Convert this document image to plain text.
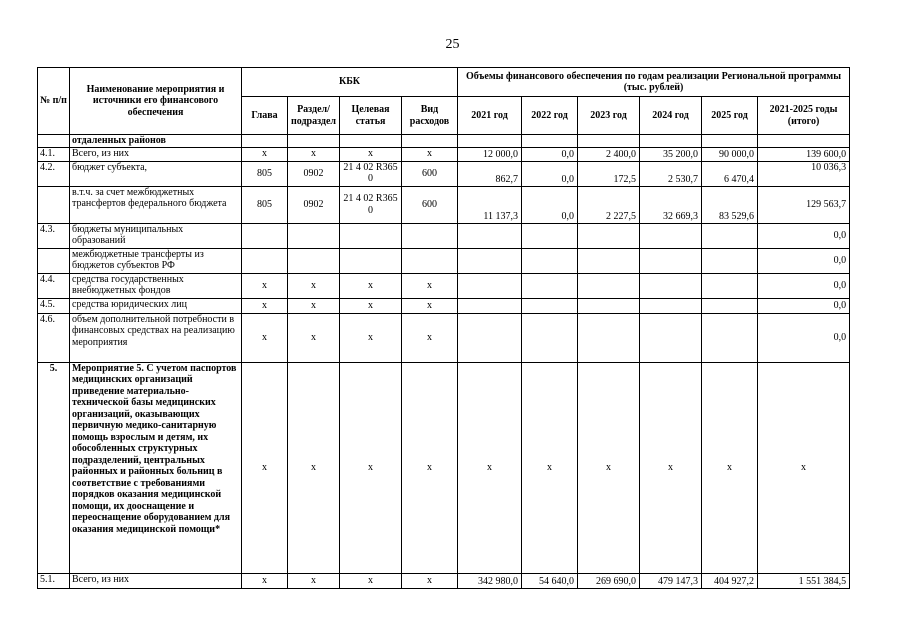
25
№ п/п	Наименование мероприятия и источники его финансового обеспечения	КБК				Объемы финансового обеспечения по годам реализации Региональной программы (тыс. рублей)					
		Глава	Раздел/ подраздел	Целевая статья	Вид расходов	2021 год	2022 год	2023 год	2024 год	2025 год	2021-2025 годы (итого)
	отдаленных районов										
4.1.	Всего, из них	х	х	х	х	12 000,0	0,0	2 400,0	35 200,0	90 000,0	139 600,0
4.2.	бюджет субъекта,	805	0902	21 4 02 R365 0	600	862,7	0,0	172,5	2 530,7	6 470,4	10 036,3
	в.т.ч. за счет межбюджетных трансфертов федерального бюджета	805	0902	21 4 02 R365 0	600	11 137,3	0,0	2 227,5	32 669,3	83 529,6	129 563,7
4.3.	бюджеты муниципальных образований										0,0
	межбюджетные трансферты из бюджетов субъектов РФ										0,0
4.4.	средства государственных внебюджетных фондов	х	х	х	х						0,0
4.5.	средства юридических лиц	х	х	х	х						0,0
4.6.	объем дополнительной потребности в финансовых средствах на реализацию мероприятия	х	х	х	х						0,0
5.	Мероприятие 5. С учетом паспортов медицинских организаций приведение материально-технической базы медицинских организаций, оказывающих первичную медико-санитарную помощь взрослым и детям, их обособленных структурных подразделений, центральных районных и районных больниц в соответствие с требованиями порядков оказания медицинской помощи, их дооснащение и переоснащение оборудованием для оказания медицинской помощи*	х	х	х	х	х	х	х	х	х	х
5.1.	Всего, из них	х	х	х	х	342 980,0	54 640,0	269 690,0	479 147,3	404 927,2	1 551 384,5
